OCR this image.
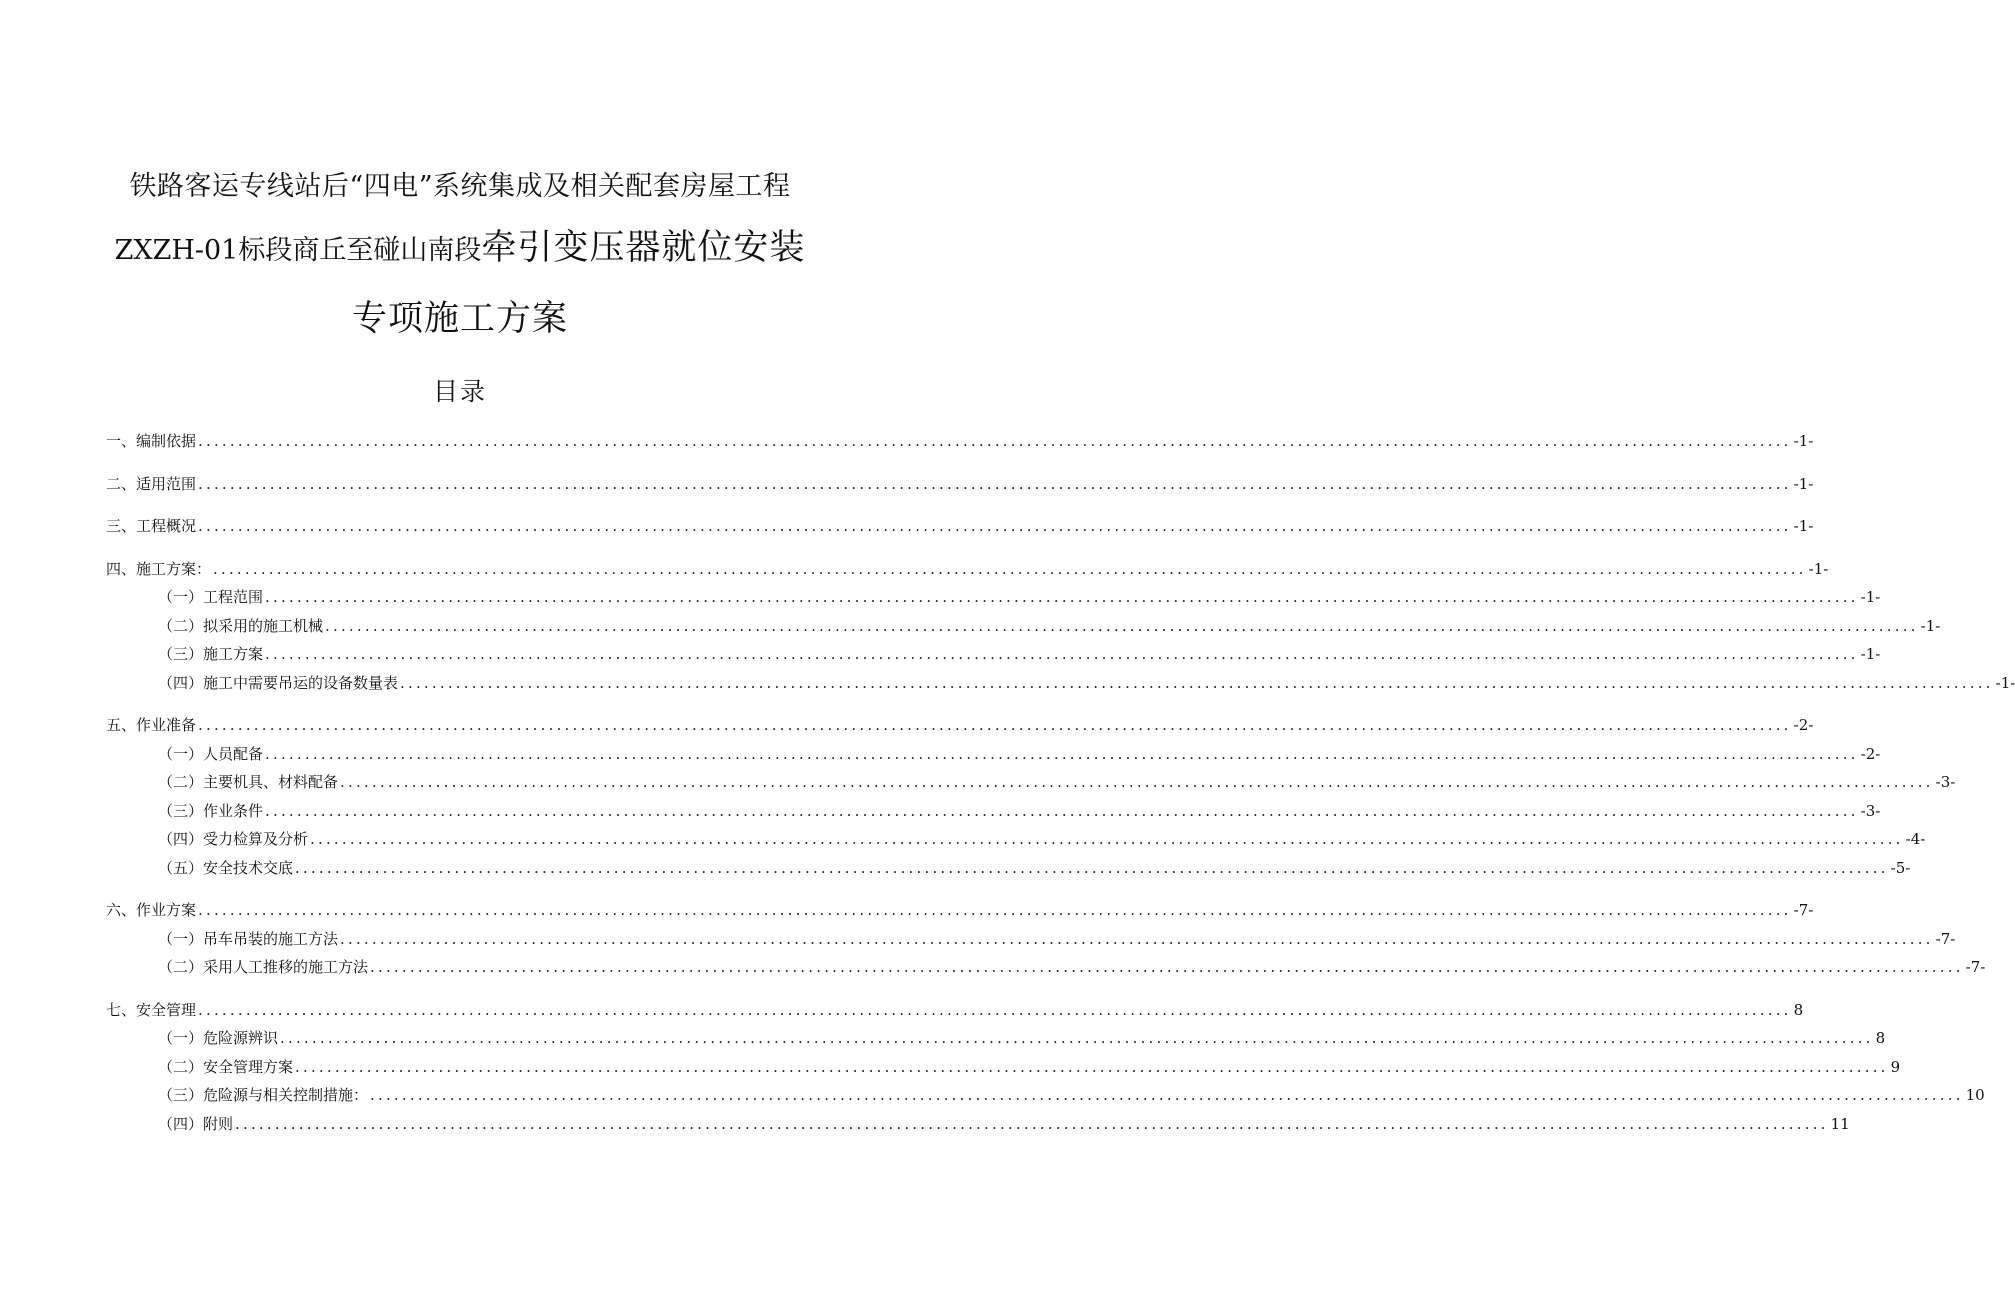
铁路客运专线站后“四电”系统集成及相关配套房屋工程
ZXZH-01标段商丘至碰山南段牵引变压器就位安装
专项施工方案
目录
一、编制依据 ........................................................................................................................................................................................................ -1-
二、适用范围 ........................................................................................................................................................................................................ -1-
三、工程概况 ........................................................................................................................................................................................................ -1-
四、施工方案： ........................................................................................................................................................................................................ -1-
（一）工程范围 ........................................................................................................................................................................................................ -1-
（二）拟采用的施工机械 ........................................................................................................................................................................................................ -1-
（三）施工方案 ........................................................................................................................................................................................................ -1-
（四）施工中需要吊运的设备数量表 ........................................................................................................................................................................................................ -1-
五、作业准备 ........................................................................................................................................................................................................ -2-
（一）人员配备 ........................................................................................................................................................................................................ -2-
（二）主要机具、材料配备 ........................................................................................................................................................................................................ -3-
（三）作业条件 ........................................................................................................................................................................................................ -3-
（四）受力检算及分析 ........................................................................................................................................................................................................ -4-
（五）安全技术交底 ........................................................................................................................................................................................................ -5-
六、作业方案 ........................................................................................................................................................................................................ -7-
（一）吊车吊装的施工方法 ........................................................................................................................................................................................................ -7-
（二）采用人工推移的施工方法 ........................................................................................................................................................................................................ -7-
七、安全管理 ........................................................................................................................................................................................................ 8
（一）危险源辨识 ........................................................................................................................................................................................................ 8
（二）安全管理方案 ........................................................................................................................................................................................................ 9
（三）危险源与相关控制措施： ........................................................................................................................................................................................................ 10
（四）附则 ........................................................................................................................................................................................................ 11
